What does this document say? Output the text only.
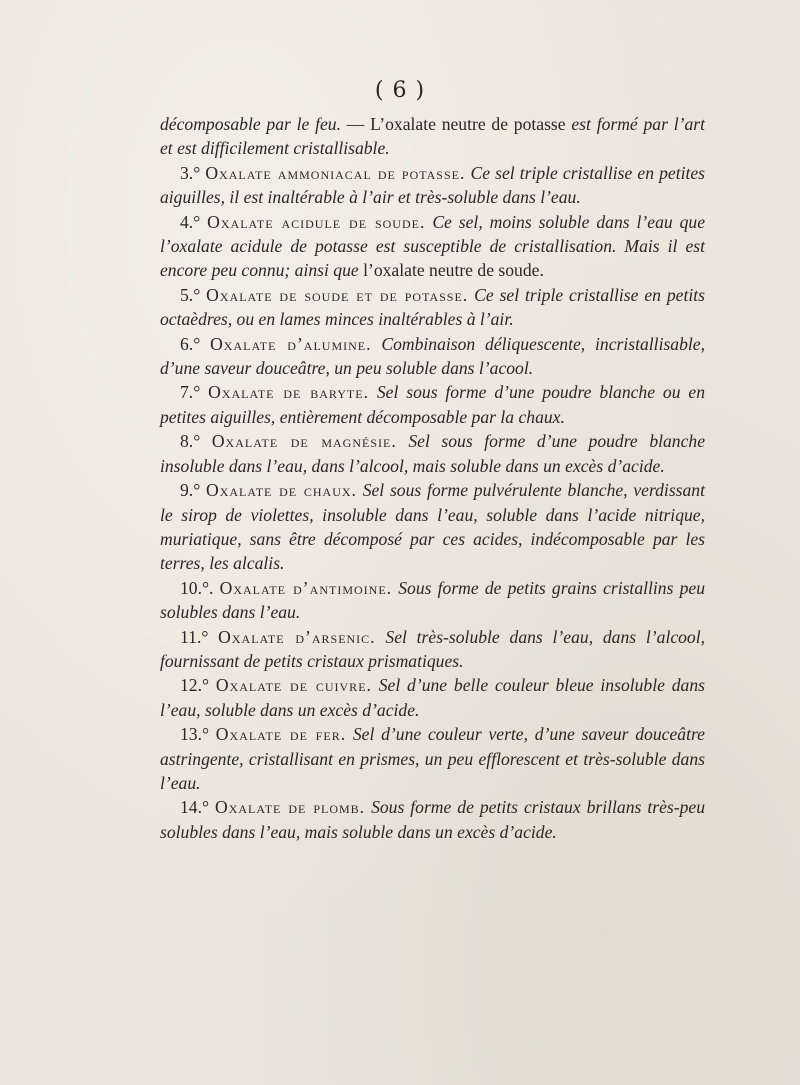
( 6 )

décomposable par le feu. — L’oxalate neutre de potasse est formé par l’art et est difficilement cristallisable.

3.° Oxalate ammoniacal de potasse. Ce sel triple cristallise en petites aiguilles, il est inaltérable à l’air et très-soluble dans l’eau.

4.° Oxalate acidule de soude. Ce sel, moins soluble dans l’eau que l’oxalate acidule de potasse est susceptible de cristallisation. Mais il est encore peu connu; ainsi que l’oxalate neutre de soude.

5.° Oxalate de soude et de potasse. Ce sel triple cristallise en petits octaèdres, ou en lames minces inaltérables à l’air.

6.° Oxalate d’alumine. Combinaison déliquescente, incristallisable, d’une saveur douceâtre, un peu soluble dans l’acool.

7.° Oxalate de baryte. Sel sous forme d’une poudre blanche ou en petites aiguilles, entièrement décomposable par la chaux.

8.° Oxalate de magnésie. Sel sous forme d’une poudre blanche insoluble dans l’eau, dans l’alcool, mais soluble dans un excès d’acide.

9.° Oxalate de chaux. Sel sous forme pulvérulente blanche, verdissant le sirop de violettes, insoluble dans l’eau, soluble dans l’acide nitrique, muriatique, sans être décomposé par ces acides, indécomposable par les terres, les alcalis.

10.°. Oxalate d’antimoine. Sous forme de petits grains cristallins peu solubles dans l’eau.

11.° Oxalate d’arsenic. Sel très-soluble dans l’eau, dans l’alcool, fournissant de petits cristaux prismatiques.

12.° Oxalate de cuivre. Sel d’une belle couleur bleue insoluble dans l’eau, soluble dans un excès d’acide.

13.° Oxalate de fer. Sel d’une couleur verte, d’une saveur douceâtre astringente, cristallisant en prismes, un peu efflorescent et très-soluble dans l’eau.

14.° Oxalate de plomb. Sous forme de petits cristaux brillans très-peu solubles dans l’eau, mais soluble dans un excès d’acide.
